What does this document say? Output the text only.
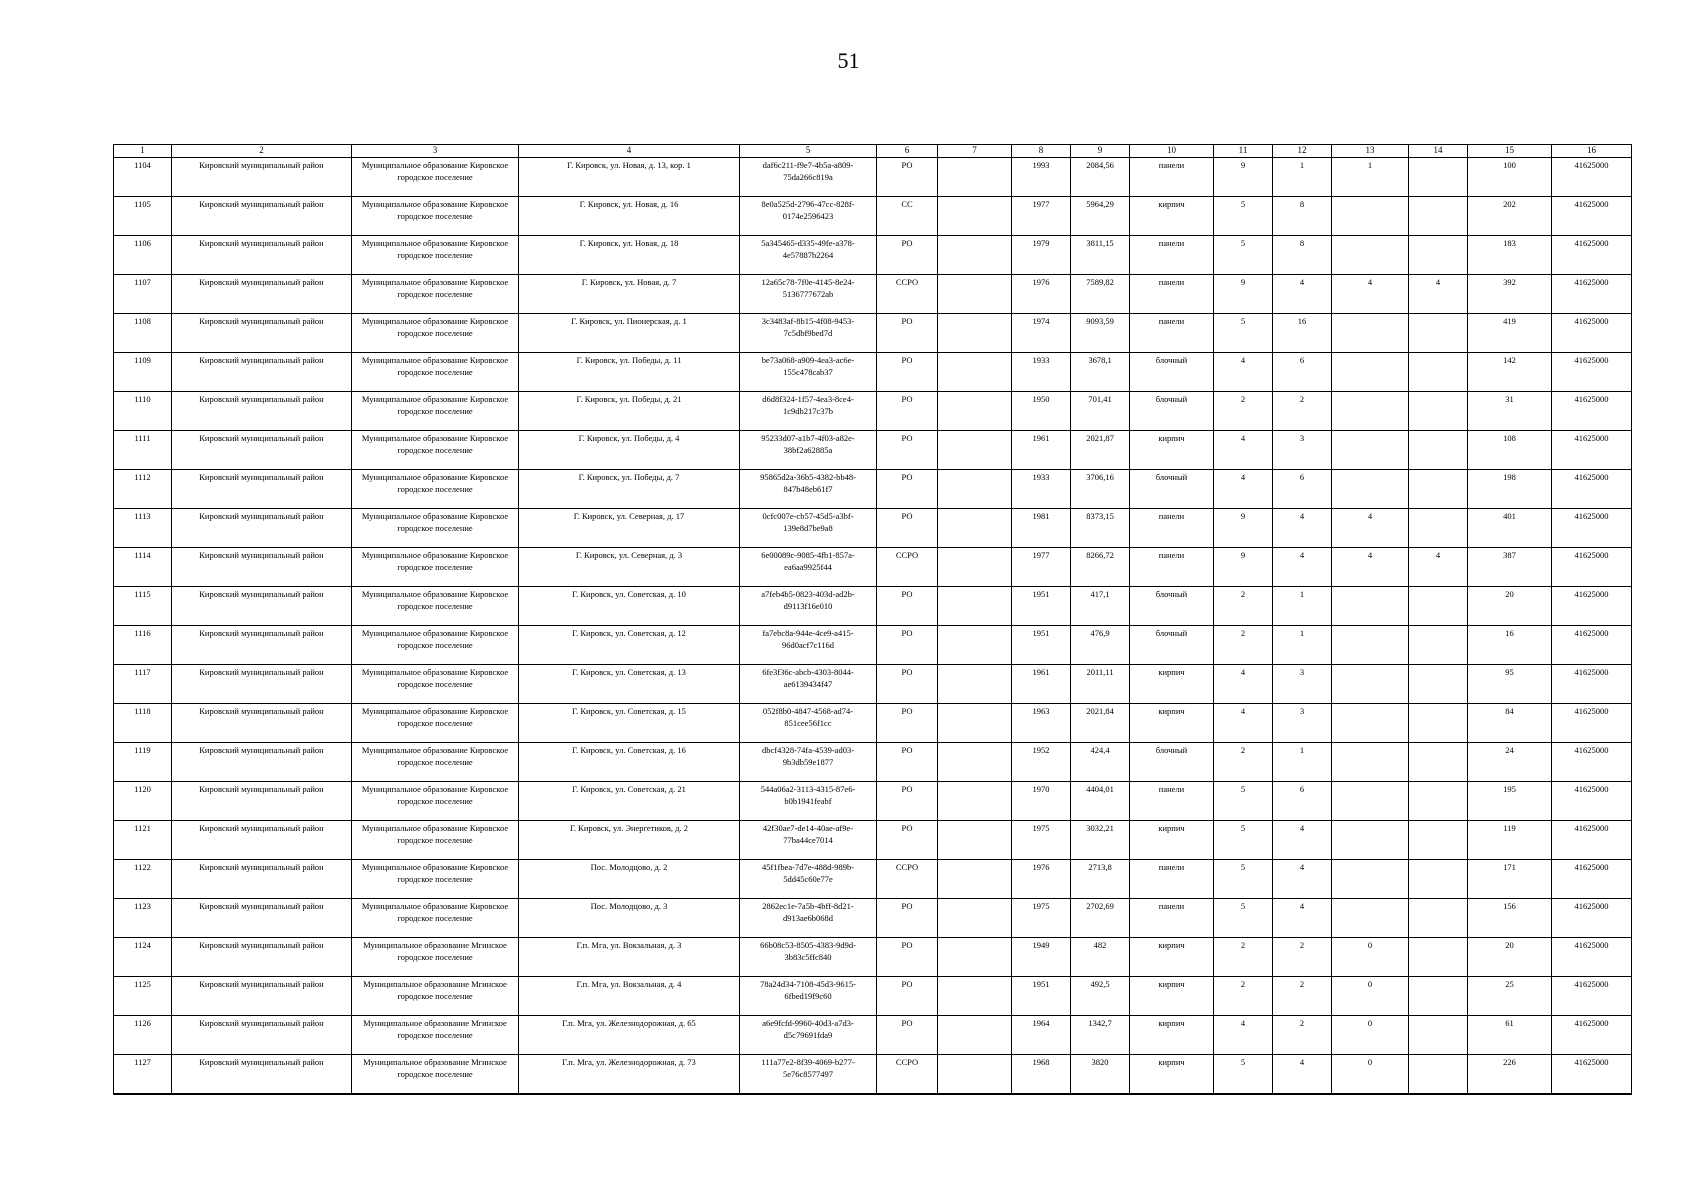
51
1	2	3	4	5	6	7	8	9	10	11	12	13	14	15	16
1104	Кировский муниципальный район	Муниципальное образование Кировское городское поселение	Г. Кировск, ул. Новая, д. 13, кор. 1	daf6c211-f9e7-4b5a-a809-75da266c819a	РО		1993	2084,56	панели	9	1	1		100	41625000
1105	Кировский муниципальный район	Муниципальное образование Кировское городское поселение	Г. Кировск, ул. Новая, д. 16	8e0a525d-2796-47cc-828f-0174e2596423	СС		1977	5964,29	кирпич	5	8			202	41625000
1106	Кировский муниципальный район	Муниципальное образование Кировское городское поселение	Г. Кировск, ул. Новая, д. 18	5a345465-d335-49fe-a378-4e57887b2264	РО		1979	3811,15	панели	5	8			183	41625000
1107	Кировский муниципальный район	Муниципальное образование Кировское городское поселение	Г. Кировск, ул. Новая, д. 7	12a65c78-7f0e-4145-8e24-5136777672ab	ССРО		1976	7589,82	панели	9	4	4	4	392	41625000
1108	Кировский муниципальный район	Муниципальное образование Кировское городское поселение	Г. Кировск, ул. Пионерская, д. 1	3c3483af-8b15-4f08-9453-7c5dbf9bed7d	РО		1974	9093,59	панели	5	16			419	41625000
1109	Кировский муниципальный район	Муниципальное образование Кировское городское поселение	Г. Кировск, ул. Победы, д. 11	be73a068-a909-4ea3-ac6e-155c478cab37	РО		1933	3678,1	блочный	4	6			142	41625000
1110	Кировский муниципальный район	Муниципальное образование Кировское городское поселение	Г. Кировск, ул. Победы, д. 21	d6d8f324-1f57-4ea3-8ce4-1c9db217c37b	РО		1950	701,41	блочный	2	2			31	41625000
1111	Кировский муниципальный район	Муниципальное образование Кировское городское поселение	Г. Кировск, ул. Победы, д. 4	95233d07-a1b7-4f03-a82e-38bf2a62885a	РО		1961	2021,87	кирпич	4	3			108	41625000
1112	Кировский муниципальный район	Муниципальное образование Кировское городское поселение	Г. Кировск, ул. Победы, д. 7	95865d2a-36b5-4382-bb48-847b48eb61f7	РО		1933	3706,16	блочный	4	6			198	41625000
1113	Кировский муниципальный район	Муниципальное образование Кировское городское поселение	Г. Кировск, ул. Северная, д. 17	0cfc007e-cb57-45d5-a3bf-139e8d7be9a8	РО		1981	8373,15	панели	9	4	4		401	41625000
1114	Кировский муниципальный район	Муниципальное образование Кировское городское поселение	Г. Кировск, ул. Северная, д. 3	6e00089c-9085-4fb1-857a-ea6aa9925f44	ССРО		1977	8266,72	панели	9	4	4	4	387	41625000
1115	Кировский муниципальный район	Муниципальное образование Кировское городское поселение	Г. Кировск, ул. Советская, д. 10	a7feb4b5-0823-403d-ad2b-d9113f16e010	РО		1951	417,1	блочный	2	1			20	41625000
1116	Кировский муниципальный район	Муниципальное образование Кировское городское поселение	Г. Кировск, ул. Советская, д. 12	fa7ebc8a-944e-4ce9-a415-96d0acf7c116d	РО		1951	476,9	блочный	2	1			16	41625000
1117	Кировский муниципальный район	Муниципальное образование Кировское городское поселение	Г. Кировск, ул. Советская, д. 13	6fe3f36c-abcb-4303-8044-ae6139434f47	РО		1961	2011,11	кирпич	4	3			95	41625000
1118	Кировский муниципальный район	Муниципальное образование Кировское городское поселение	Г. Кировск, ул. Советская, д. 15	052f8b0-4847-4568-ad74-851cee56f1cc	РО		1963	2021,84	кирпич	4	3			84	41625000
1119	Кировский муниципальный район	Муниципальное образование Кировское городское поселение	Г. Кировск, ул. Советская, д. 16	dbcf4328-74fa-4539-ad03-9b3db59e1877	РО		1952	424,4	блочный	2	1			24	41625000
1120	Кировский муниципальный район	Муниципальное образование Кировское городское поселение	Г. Кировск, ул. Советская, д. 21	544a06a2-3113-4315-87e6-b0b1941feabf	РО		1970	4404,01	панели	5	6			195	41625000
1121	Кировский муниципальный район	Муниципальное образование Кировское городское поселение	Г. Кировск, ул. Энергетиков, д. 2	42f30ae7-de14-40ae-af9e-77ba44ce7014	РО		1975	3032,21	кирпич	5	4			119	41625000
1122	Кировский муниципальный район	Муниципальное образование Кировское городское поселение	Пос. Молодцово, д. 2	45f1fbea-7d7e-488d-989b-5dd45c60e77e	ССРО		1976	2713,8	панели	5	4			171	41625000
1123	Кировский муниципальный район	Муниципальное образование Кировское городское поселение	Пос. Молодцово, д. 3	2862ec1e-7a5b-4bff-8d21-d913ae6b068d	РО		1975	2702,69	панели	5	4			156	41625000
1124	Кировский муниципальный район	Муниципальное образование Мгинское городское поселение	Г.п. Мга, ул. Вокзальная, д. 3	66b08c53-8505-4383-9d9d-3b83c5ffc840	РО		1949	482	кирпич	2	2	0		20	41625000
1125	Кировский муниципальный район	Муниципальное образование Мгинское городское поселение	Г.п. Мга, ул. Вокзальная, д. 4	78a24d34-7108-45d3-9615-6fbed19f9c60	РО		1951	492,5	кирпич	2	2	0		25	41625000
1126	Кировский муниципальный район	Муниципальное образование Мгинское городское поселение	Г.п. Мга, ул. Железнодорожная, д. 65	a6e9fcfd-9960-40d3-a7d3-d5c79691fda9	РО		1964	1342,7	кирпич	4	2	0		61	41625000
1127	Кировский муниципальный район	Муниципальное образование Мгинское городское поселение	Г.п. Мга, ул. Железнодорожная, д. 73	111a77e2-8f39-4069-b277-5e76c8577497	ССРО		1968	3820	кирпич	5	4	0		226	41625000
